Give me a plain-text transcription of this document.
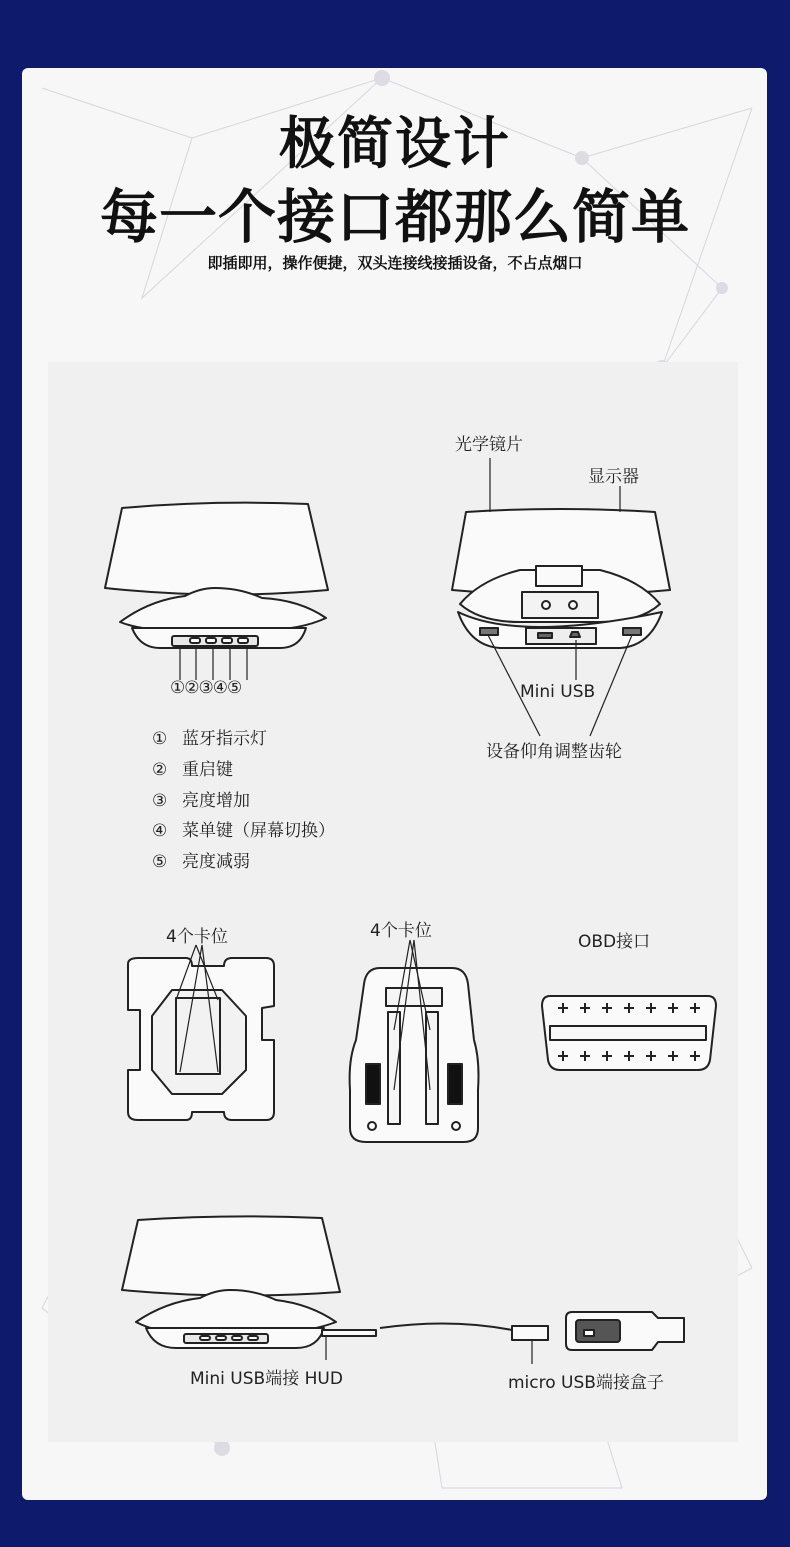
极简设计
每一个接口都那么简单
即插即用，操作便捷，双头连接线接插设备，不占点烟口
光学镜片
显示器
Mini USB
设备仰角调整齿轮
①②③④⑤
① 蓝牙指示灯
② 重启键
③ 亮度增加
④ 菜单键（屏幕切换）
⑤ 亮度减弱
4个卡位	4个卡位
OBD接口
Mini USB端接 HUD	micro USB端接盒子
